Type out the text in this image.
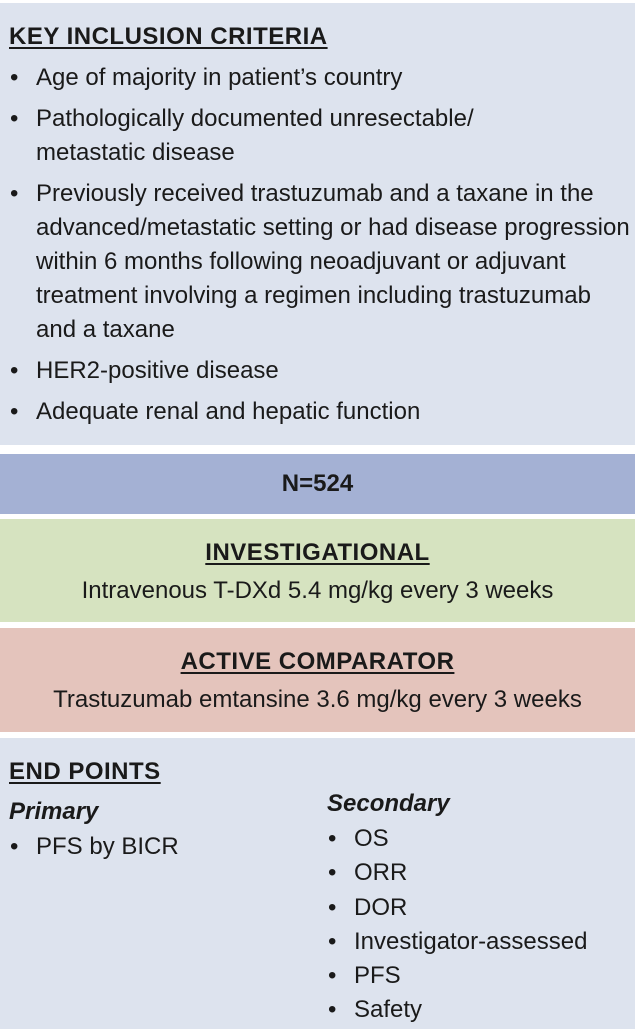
KEY INCLUSION CRITERIA
• Age of majority in patient’s country
• Pathologically documented unresectable/ metastatic disease
• Previously received trastuzumab and a taxane in the advanced/metastatic setting or had disease progression within 6 months following neoadjuvant or adjuvant treatment involving a regimen including trastuzumab and a taxane
• HER2-positive disease
• Adequate renal and hepatic function
N=524
INVESTIGATIONAL
Intravenous T-DXd 5.4 mg/kg every 3 weeks
ACTIVE COMPARATOR
Trastuzumab emtansine 3.6 mg/kg every 3 weeks
END POINTS
Primary
• PFS by BICR
Secondary
• OS
• ORR
• DOR
• Investigator-assessed
• PFS
• Safety
